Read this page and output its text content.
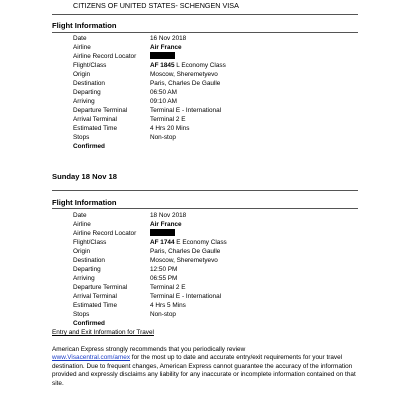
CITIZENS OF UNITED STATES- SCHENGEN VISA
Flight Information
Date	16 Nov 2018
Airline	Air France
Airline Record Locator
Flight/Class	AF 1845 L Economy Class
Origin	Moscow, Sheremetyevo
Destination	Paris, Charles De Gaulle
Departing	06:50 AM
Arriving	09:10 AM
Departure Terminal	Terminal E - International
Arrival Terminal	Terminal 2 E
Estimated Time	4 Hrs 20 Mins
Stops	Non-stop
Confirmed
Sunday 18 Nov 18
Flight Information
Date	18 Nov 2018
Airline	Air France
Airline Record Locator
Flight/Class	AF 1744 E Economy Class
Origin	Paris, Charles De Gaulle
Destination	Moscow, Sheremetyevo
Departing	12:50 PM
Arriving	06:55 PM
Departure Terminal	Terminal 2 E
Arrival Terminal	Terminal E - International
Estimated Time	4 Hrs 5 Mins
Stops	Non-stop
Confirmed
Entry and Exit Information for Travel
American Express strongly recommends that you periodically review
www.Visacentral.com/amex for the most up to date and accurate entry/exit requirements for your travel destination. Due to frequent changes, American Express cannot guarantee the accuracy of the information provided and expressly disclaims any liability for any inaccurate or incomplete information contained on that site.
